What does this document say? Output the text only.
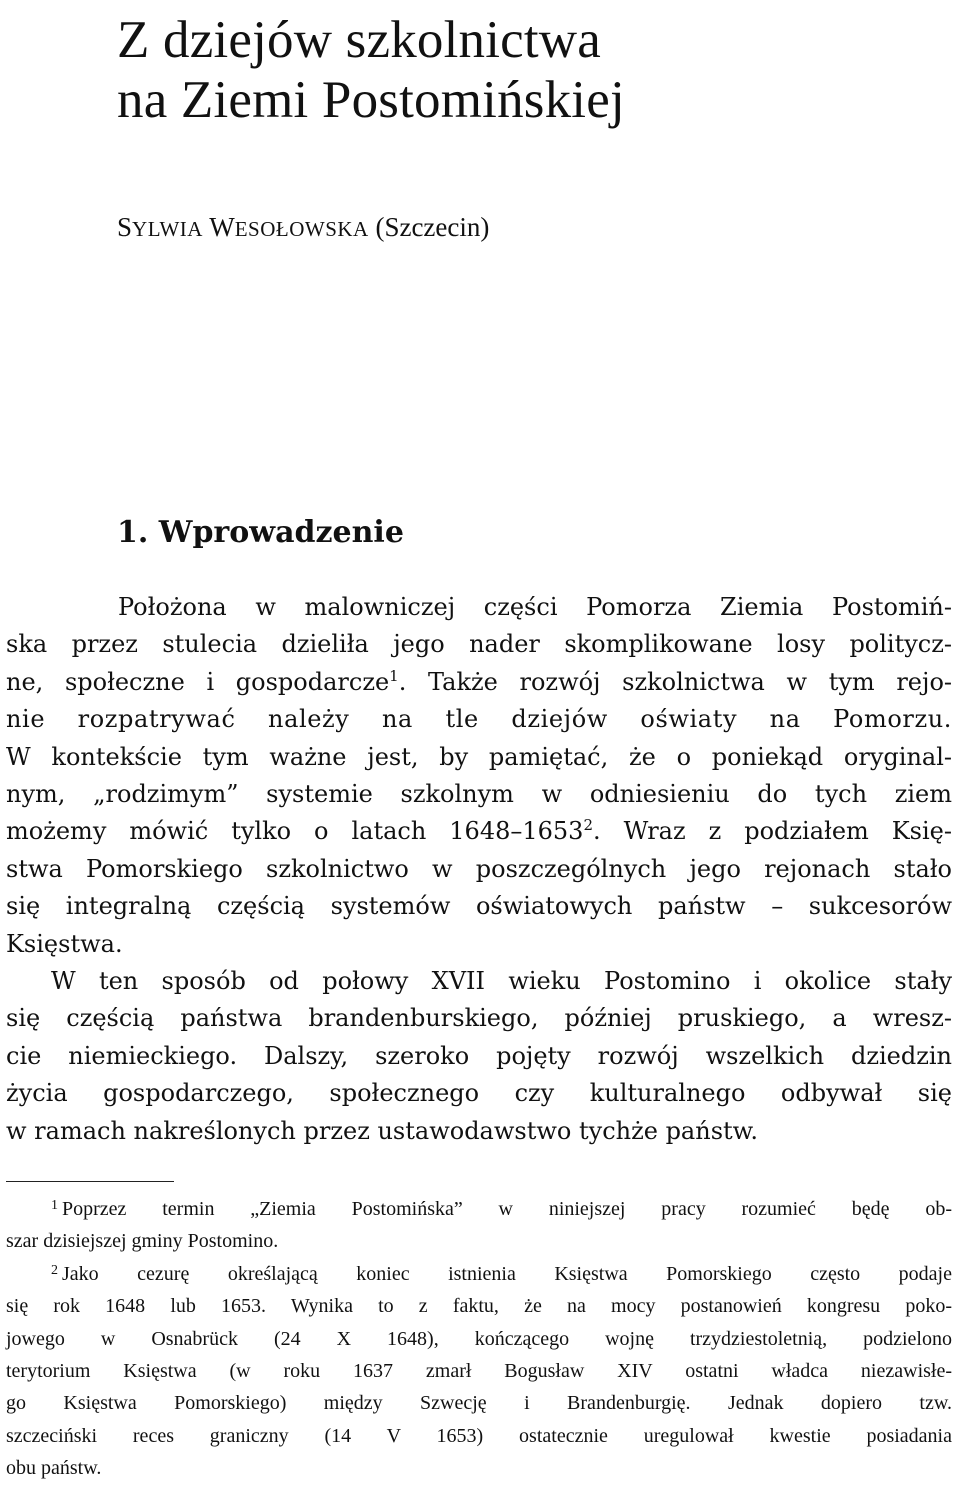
Z dziejów szkolnictwa
na Ziemi Postomińskiej
SYLWIA WESOŁOWSKA (Szczecin)
1. Wprowadzenie
Położona w malowniczej części Pomorza Ziemia Postomiń-
ska przez stulecia dzieliła jego nader skomplikowane losy politycz-
ne, społeczne i gospodarcze$^1$. Także rozwój szkolnictwa w tym rejo-
nie rozpatrywać należy na tle dziejów oświaty na Pomorzu.
W kontekście tym ważne jest, by pamiętać, że o poniekąd oryginal-
nym, „rodzimym” systemie szkolnym w odniesieniu do tych ziem
możemy mówić tylko o latach 1648–1653$^2$. Wraz z podziałem Księ-
stwa Pomorskiego szkolnictwo w poszczególnych jego rejonach stało
się integralną częścią systemów oświatowych państw – sukcesorów
Księstwa.
W ten sposób od połowy XVII wieku Postomino i okolice stały
się częścią państwa brandenburskiego, później pruskiego, a wresz-
cie niemieckiego. Dalszy, szeroko pojęty rozwój wszelkich dziedzin
życia gospodarczego, społecznego czy kulturalnego odbywał się
w ramach nakreślonych przez ustawodawstwo tychże państw.
$^1$ Poprzez termin „Ziemia Postomińska” w niniejszej pracy rozumieć będę ob-
szar dzisiejszej gminy Postomino.
$^2$ Jako cezurę określającą koniec istnienia Księstwa Pomorskiego często podaje
się rok 1648 lub 1653. Wynika to z faktu, że na mocy postanowień kongresu poko-
jowego w Osnabrück (24 X 1648), kończącego wojnę trzydziestoletnią, podzielono
terytorium Księstwa (w roku 1637 zmarł Bogusław XIV ostatni władca niezawisłe-
go Księstwa Pomorskiego) między Szwecję i Brandenburgię. Jednak dopiero tzw.
szczeciński reces graniczny (14 V 1653) ostatecznie uregulował kwestie posiadania
obu państw.
